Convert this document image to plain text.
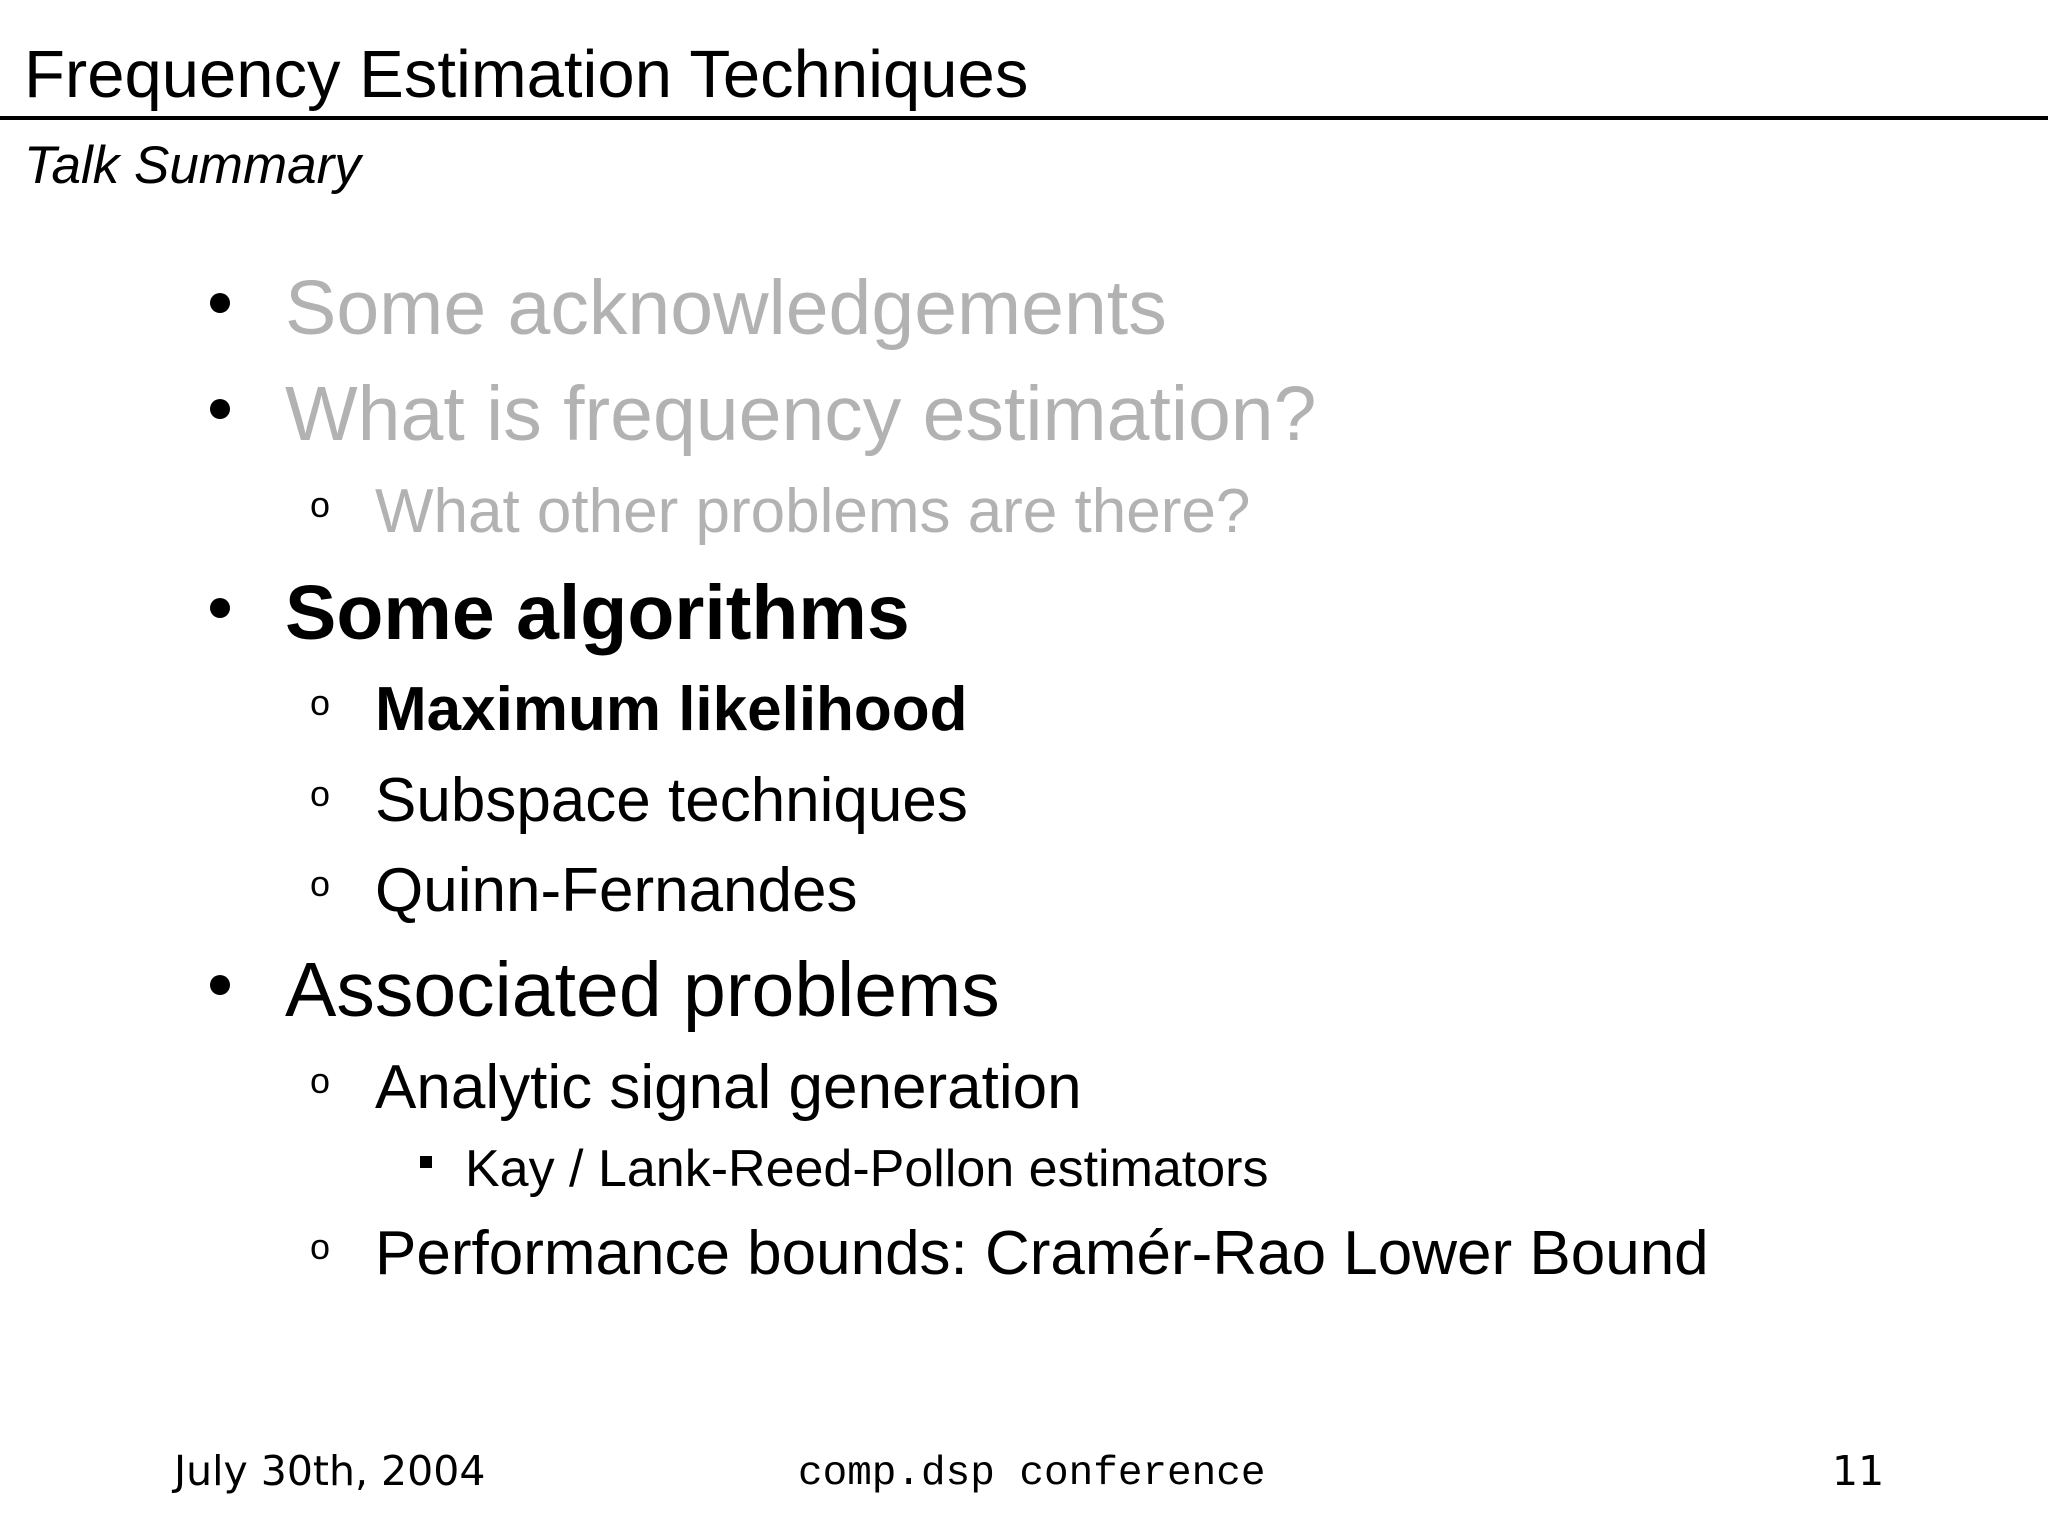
Frequency Estimation Techniques
Talk Summary
Some acknowledgements
What is frequency estimation?
o What other problems are there?
Some algorithms
o Maximum likelihood
o Subspace techniques
o Quinn-Fernandes
Associated problems
o Analytic signal generation
Kay / Lank-Reed-Pollon estimators
o Performance bounds: Cramér-Rao Lower Bound
July 30th, 2004	comp.dsp conference	11
